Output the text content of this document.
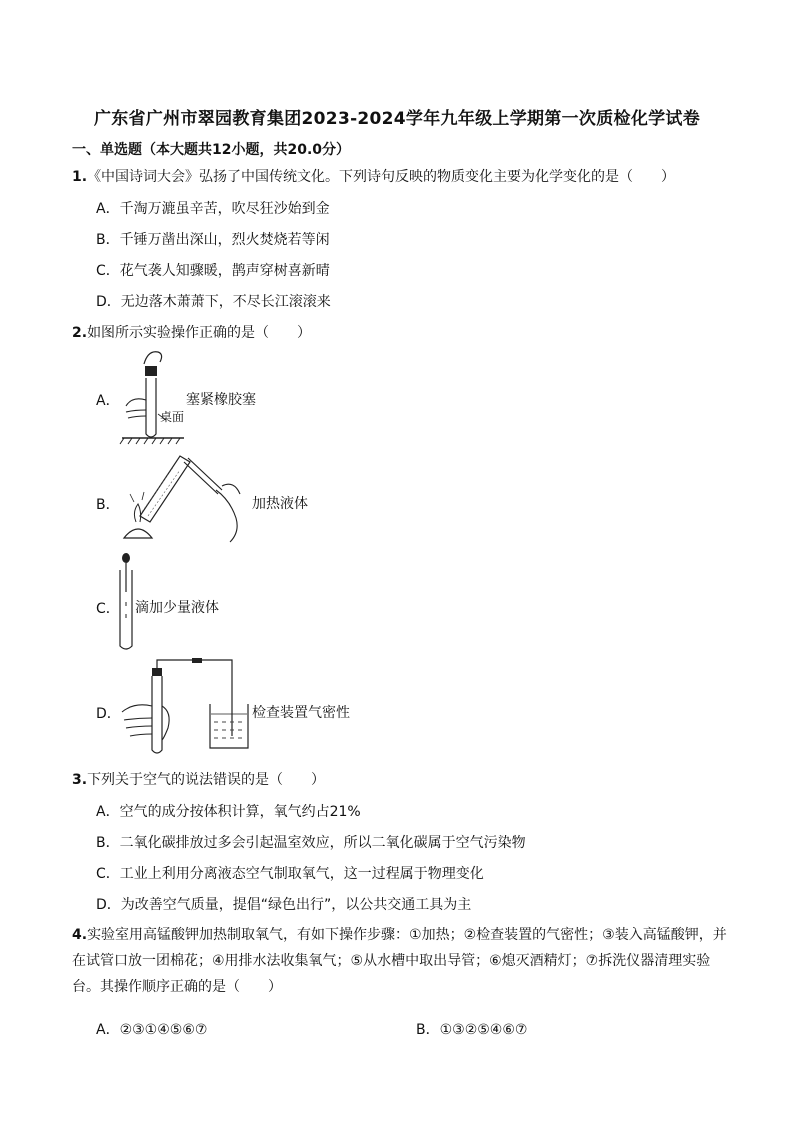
广东省广州市翠园教育集团2023-2024学年九年级上学期第一次质检化学试卷
一、单选题（本大题共12小题，共20.0分）
1.《中国诗词大会》弘扬了中国传统文化。下列诗句反映的物质变化主要为化学变化的是（　　）
A．千淘万漉虽辛苦，吹尽狂沙始到金
B．千锤万凿出深山，烈火焚烧若等闲
C．花气袭人知骤暖，鹊声穿树喜新晴
D．无边落木萧萧下，不尽长江滚滚来
2.如图所示实验操作正确的是（　　）
A．	塞紧橡胶塞
桌面
B．	加热液体
C． 滴加少量液体
D．	检查装置气密性
3.下列关于空气的说法错误的是（　　）
A．空气的成分按体积计算，氧气约占21%
B．二氧化碳排放过多会引起温室效应，所以二氧化碳属于空气污染物
C．工业上利用分离液态空气制取氧气，这一过程属于物理变化
D．为改善空气质量，提倡“绿色出行”，以公共交通工具为主
4.实验室用高锰酸钾加热制取氧气，有如下操作步骤：①加热；②检查装置的气密性；③装入高锰酸钾，并在试管口放一团棉花；④用排水法收集氧气；⑤从水槽中取出导管；⑥熄灭酒精灯；⑦拆洗仪器清理实验台。其操作顺序正确的是（　　）
A．②③①④⑤⑥⑦	B．①③②⑤④⑥⑦
